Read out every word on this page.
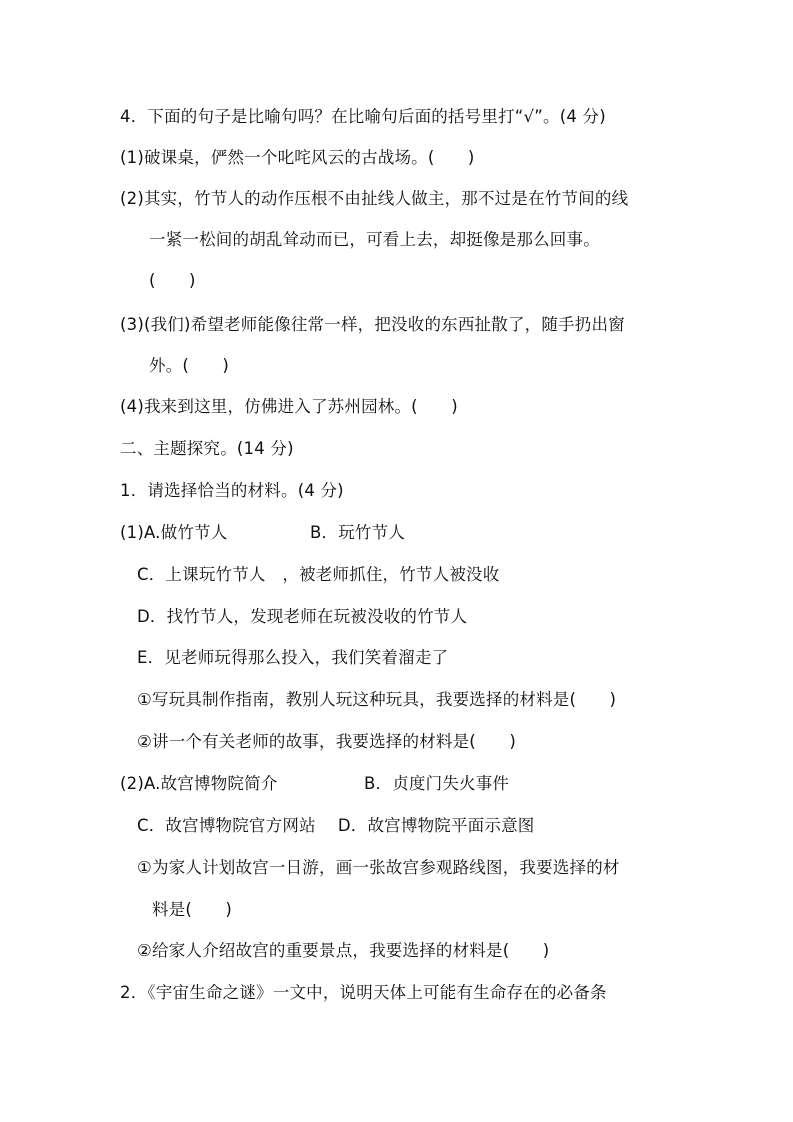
4．下面的句子是比喻句吗？在比喻句后面的括号里打“√”。(4 分)
(1)破课桌，俨然一个叱咤风云的古战场。(　　)
(2)其实，竹节人的动作压根不由扯线人做主，那不过是在竹节间的线
一紧一松间的胡乱耸动而已，可看上去，却挺像是那么回事。
(　　)
(3)(我们)希望老师能像往常一样，把没收的东西扯散了，随手扔出窗
外。(　　)
(4)我来到这里，仿佛进入了苏州园林。(　　)
二、主题探究。(14 分)
1．请选择恰当的材料。(4 分)
(1)A.做竹节人	B．玩竹节人
C．上课玩竹节人　，被老师抓住，竹节人被没收
D．找竹节人，发现老师在玩被没收的竹节人
E．见老师玩得那么投入，我们笑着溜走了
①写玩具制作指南，教别人玩这种玩具，我要选择的材料是(　　)
②讲一个有关老师的故事，我要选择的材料是(　　)
(2)A.故宫博物院简介	B．贞度门失火事件
C．故宫博物院官方网站　 D．故宫博物院平面示意图
①为家人计划故宫一日游，画一张故宫参观路线图，我要选择的材
料是(　　)
②给家人介绍故宫的重要景点，我要选择的材料是(　　)
2．《宇宙生命之谜》一文中，说明天体上可能有生命存在的必备条
